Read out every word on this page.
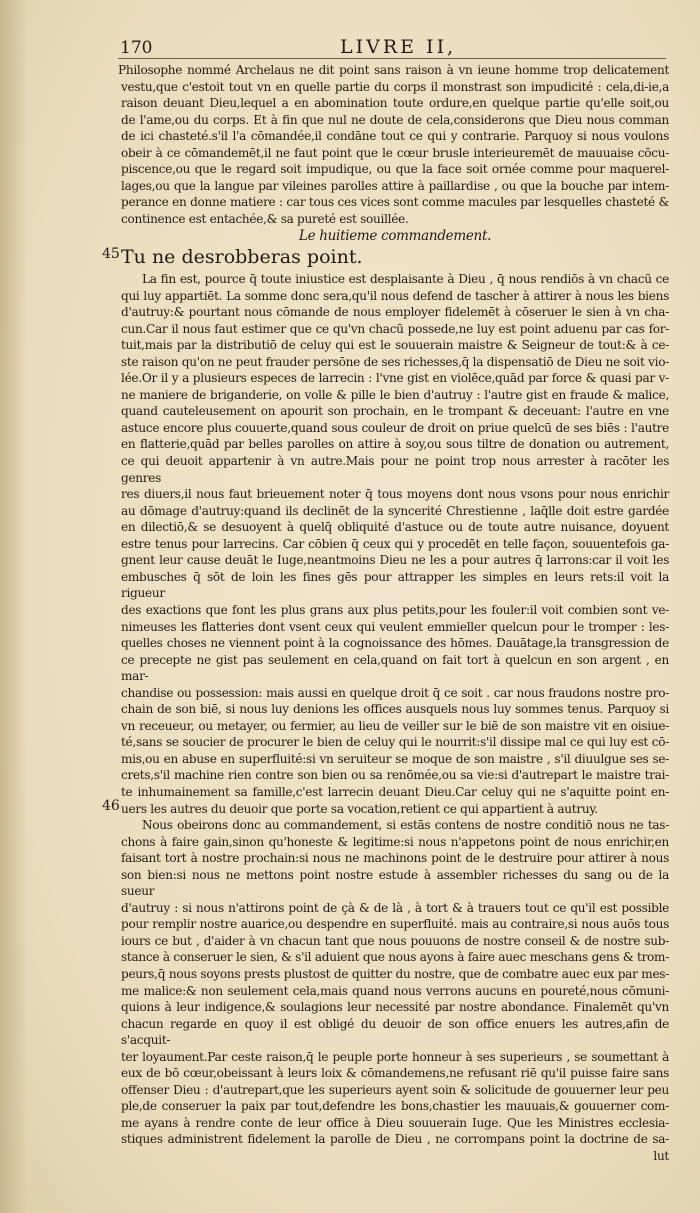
170	LIVRE II,
45
46

Philosophe nommé Archelaus ne dit point sans raison à vn ieune homme trop delicatement

vestu,que c'estoit tout vn en quelle partie du corps il monstrast son impudicité : cela,di-ie,a

raison deuant Dieu,lequel a en abomination toute ordure,en quelque partie qu'elle soit,ou

de l'ame,ou du corps. Et à fin que nul ne doute de cela,considerons que Dieu nous comman

de ici chasteté.s'il l'a cōmandée,il condāne tout ce qui y contrarie. Parquoy si nous voulons

obeir à ce cōmandemēt,il ne faut point que le cœur brusle interieuremēt de mauuaise cōcu-

piscence,ou que le regard soit impudique, ou que la face soit ornée comme pour maquerel-

lages,ou que la langue par vileines parolles attire à paillardise , ou que la bouche par intem-

perance en donne matiere : car tous ces vices sont comme macules par lesquelles chasteté &

continence est entachée,& sa pureté est souillée.

Le huitieme commandement.

Tu ne desrobberas point.

La fin est, pource q̄ toute iniustice est desplaisante à Dieu , q̄ nous rendiōs à vn chacū ce

qui luy appartiēt. La somme donc sera,qu'il nous defend de tascher à attirer à nous les biens

d'autruy:& pourtant nous cōmande de nous employer fidelemēt à cōseruer le sien à vn cha-

cun.Car il nous faut estimer que ce qu'vn chacū possede,ne luy est point aduenu par cas for-

tuit,mais par la distributiō de celuy qui est le souuerain maistre & Seigneur de tout:& à ce-

ste raison qu'on ne peut frauder persōne de ses richesses,q̄ la dispensatiō de Dieu ne soit vio-

lée.Or il y a plusieurs especes de larrecin : l'vne gist en violēce,quād par force & quasi par v-

ne maniere de briganderie, on volle & pille le bien d'autruy : l'autre gist en fraude & malice,

quand cauteleusement on apourit son prochain, en le trompant & deceuant: l'autre en vne

astuce encore plus couuerte,quand sous couleur de droit on priue quelcū de ses biēs : l'autre

en flatterie,quād par belles parolles on attire à soy,ou sous tiltre de donation ou autrement,

ce qui deuoit appartenir à vn autre.Mais pour ne point trop nous arrester à racōter les genres

res diuers,il nous faut brieuement noter q̄ tous moyens dont nous vsons pour nous enrichir

au dōmage d'autruy:quand ils declinēt de la syncerité Chrestienne , laq̄lle doit estre gardée

en dilectiō,& se desuoyent à quelq̄ obliquité d'astuce ou de toute autre nuisance, doyuent

estre tenus pour larrecins. Car cōbien q̄ ceux qui y procedēt en telle façon, souuentefois ga-

gnent leur cause deuāt le Iuge,neantmoins Dieu ne les a pour autres q̄ larrons:car il voit les

embusches q̄ sōt de loin les fines gēs pour attrapper les simples en leurs rets:il voit la rigueur

des exactions que font les plus grans aux plus petits,pour les fouler:il voit combien sont ve-

nimeuses les flatteries dont vsent ceux qui veulent emmieller quelcun pour le tromper : les-

quelles choses ne viennent point à la cognoissance des hōmes. Dauātage,la transgression de

ce precepte ne gist pas seulement en cela,quand on fait tort à quelcun en son argent , en mar-

chandise ou possession: mais aussi en quelque droit q̄ ce soit . car nous fraudons nostre pro-

chain de son biē, si nous luy denions les offices ausquels nous luy sommes tenus. Parquoy si

vn receueur, ou metayer, ou fermier, au lieu de veiller sur le biē de son maistre vit en oisiue-

té,sans se soucier de procurer le bien de celuy qui le nourrit:s'il dissipe mal ce qui luy est cō-

mis,ou en abuse en superfluité:si vn seruiteur se moque de son maistre , s'il diuulgue ses se-

crets,s'il machine rien contre son bien ou sa renōmée,ou sa vie:si d'autrepart le maistre trai-

te inhumainement sa famille,c'est larrecin deuant Dieu.Car celuy qui ne s'aquitte point en-

uers les autres du deuoir que porte sa vocation,retient ce qui appartient à autruy.

Nous obeirons donc au commandement, si estās contens de nostre conditiō nous ne tas-

chons à faire gain,sinon qu'honeste & legitime:si nous n'appetons point de nous enrichir,en

faisant tort à nostre prochain:si nous ne machinons point de le destruire pour attirer à nous

son bien:si nous ne mettons point nostre estude à assembler richesses du sang ou de la sueur

d'autruy : si nous n'attirons point de çà & de là , à tort & à trauers tout ce qu'il est possible

pour remplir nostre auarice,ou despendre en superfluité. mais au contraire,si nous auōs tous

iours ce but , d'aider à vn chacun tant que nous pouuons de nostre conseil & de nostre sub-

stance à conseruer le sien, & s'il aduient que nous ayons à faire auec meschans gens & trom-

peurs,q̄ nous soyons prests plustost de quitter du nostre, que de combatre auec eux par mes-

me malice:& non seulement cela,mais quand nous verrons aucuns en poureté,nous cōmuni-

quions à leur indigence,& soulagions leur necessité par nostre abondance. Finalemēt qu'vn

chacun regarde en quoy il est obligé du deuoir de son office enuers les autres,afin de s'acquit-

ter loyaument.Par ceste raison,q̄ le peuple porte honneur à ses superieurs , se soumettant à

eux de bō cœur,obeissant à leurs loix & cōmandemens,ne refusant riē qu'il puisse faire sans

offenser Dieu : d'autrepart,que les superieurs ayent soin & solicitude de gouuerner leur peu

ple,de conseruer la paix par tout,defendre les bons,chastier les mauuais,& gouuerner com-

me ayans à rendre conte de leur office à Dieu souuerain Iuge. Que les Ministres ecclesia-

stiques administrent fidelement la parolle de Dieu , ne corrompans point la doctrine de sa-

lut
